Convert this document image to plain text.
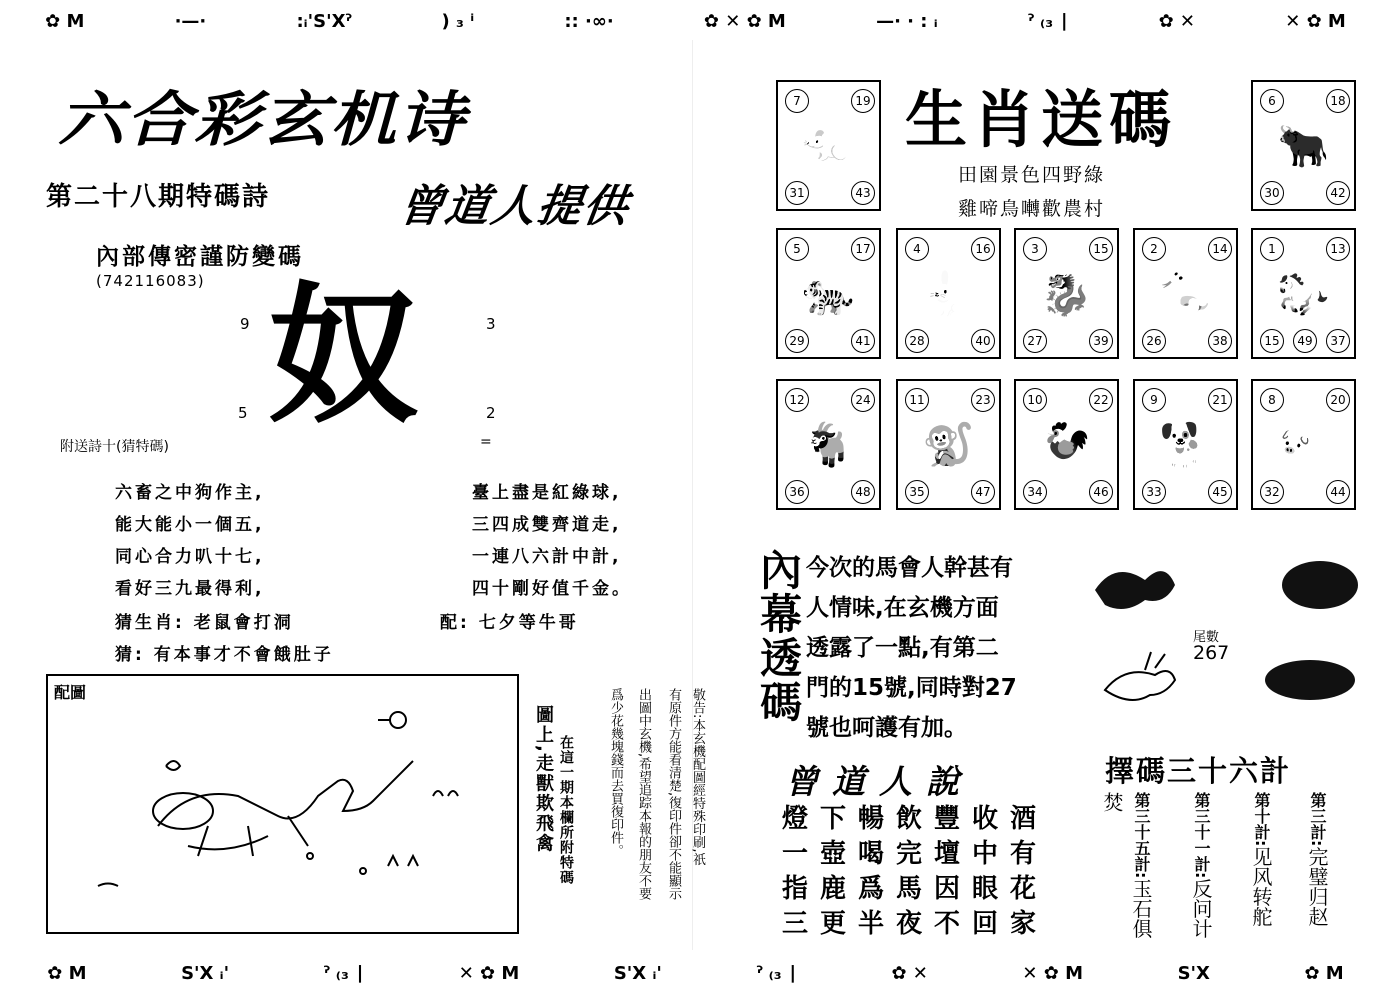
✿ M	·—·	:ᵢ'S'Xˀ	) ₃ ⁱ	:: ·∞·	✿ ✕ ✿ M	—· · : ᵢ	ˀ ₍₃ ∣	✿ ✕	✕ ✿ M
✿ M	S'X ᵢ'	ˀ ₍₃ ∣	✕ ✿ M	S'X ᵢ'	ˀ ₍₃ ∣	✿ ✕	✕ ✿ M	S'X	✿ M
六合彩玄机诗
第二十八期特碼詩	曾道人提供
內部傳密謹防變碼
(742116083)
9	3
5	2
奴
附送詩十(猜特碼)	=
六畜之中狗作主,
能大能小一個五,
同心合力叭十七,
看好三九最得利,
臺上盡是紅綠球,
三四成雙齊道走,
一連八六計中計,
四十剛好值千金。
猜生肖: 老鼠會打洞	配: 七夕等牛哥
猜: 有本事才不會餓肚子
配圖
在這一期本欄所附特碼
圖上,走獸欺飛禽	敬告:本玄機配圖經特殊印刷,祇
有原件方能看清楚,復印件卻不能顯示
出圖中玄機,希望追踪本報的朋友不要
爲少花幾塊錢而去買復印件。
生肖送碼
田園景色四野綠
雞啼鳥囀歡農村
7	19
31	43
🐀
6	18
30	42
🐂
5	17
29	41
🐅
4	16
28	40
🐇
3	15
27	39
🐉
2	14
26	38
🐍
1	13
15	37
49
🐎
12	24
36	48
🐐
11	23
35	47
🐒
10	22
34	46
🐓
9	21
33	45
🐕
8	20
32	44
🐖
內幕透碼 今次的馬會人幹甚有
人情味,在玄機方面
透露了一點,有第二
門的15號,同時對27
號也呵護有加。
尾數
267
曾道人說
燈下暢飲豐收酒
一壺喝完壇中有
指鹿爲馬因眼花
三更半夜不回家
擇碼三十六計
第三計:完璧归赵
第十計:见风转舵
第三十一計:反问计
第三十五計:玉石俱焚
